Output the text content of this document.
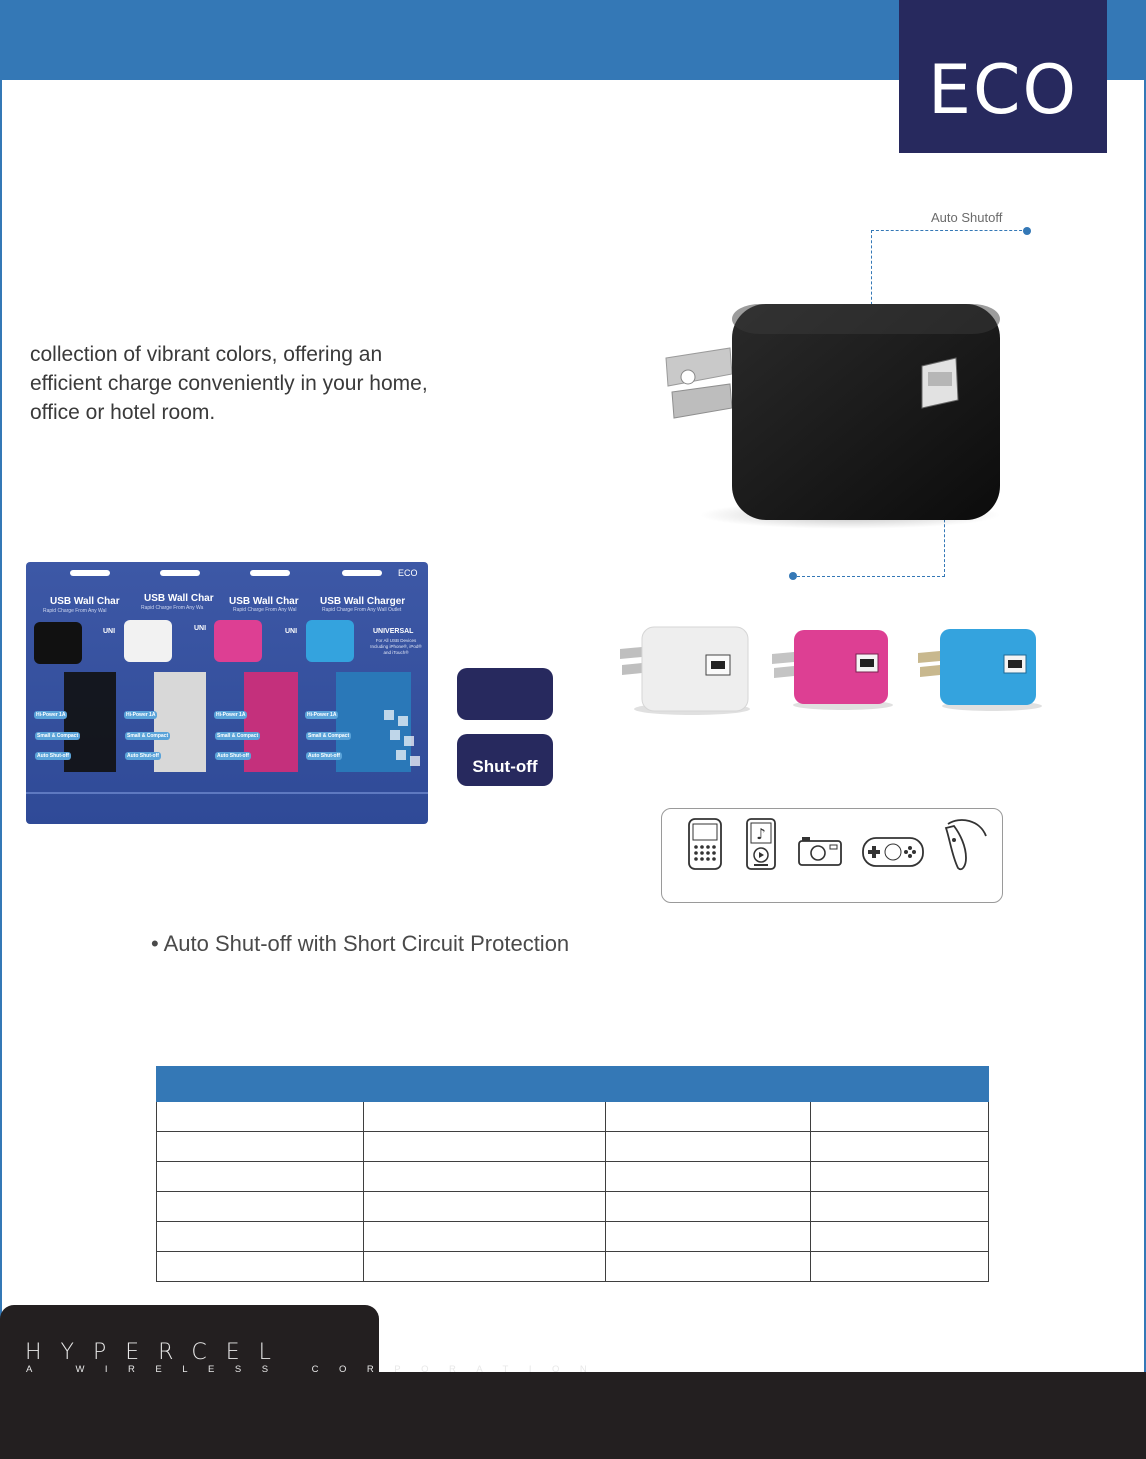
ECO
Auto Shutoff

collection of vibrant colors, offering an

efficient charge conveniently in your home,

office or hotel room.

USB Wall Char
Rapid Charge From Any Wal
UNI
Hi-Power 1A
Small & Compact
Auto Shut-off
USB Wall Char
Rapid Charge From Any Wa
UNI
Hi-Power 1A
Small & Compact
Auto Shut-off
USB Wall Char
Rapid Charge From Any Wal
UNI
Hi-Power 1A
Small & Compact
Auto Shut-off
ECO
USB Wall Charger
Rapid Charge From Any Wall Outlet
UNIVERSAL
For All USB Devices Including iPhone®, iPod® and iTouch®
Hi-Power 1A
Small & Compact
Auto Shut-off
Shut-off
♪
• Auto Shut-off with Short Circuit Protection

HYPERCEL
A WIRELESS CORPORATION
